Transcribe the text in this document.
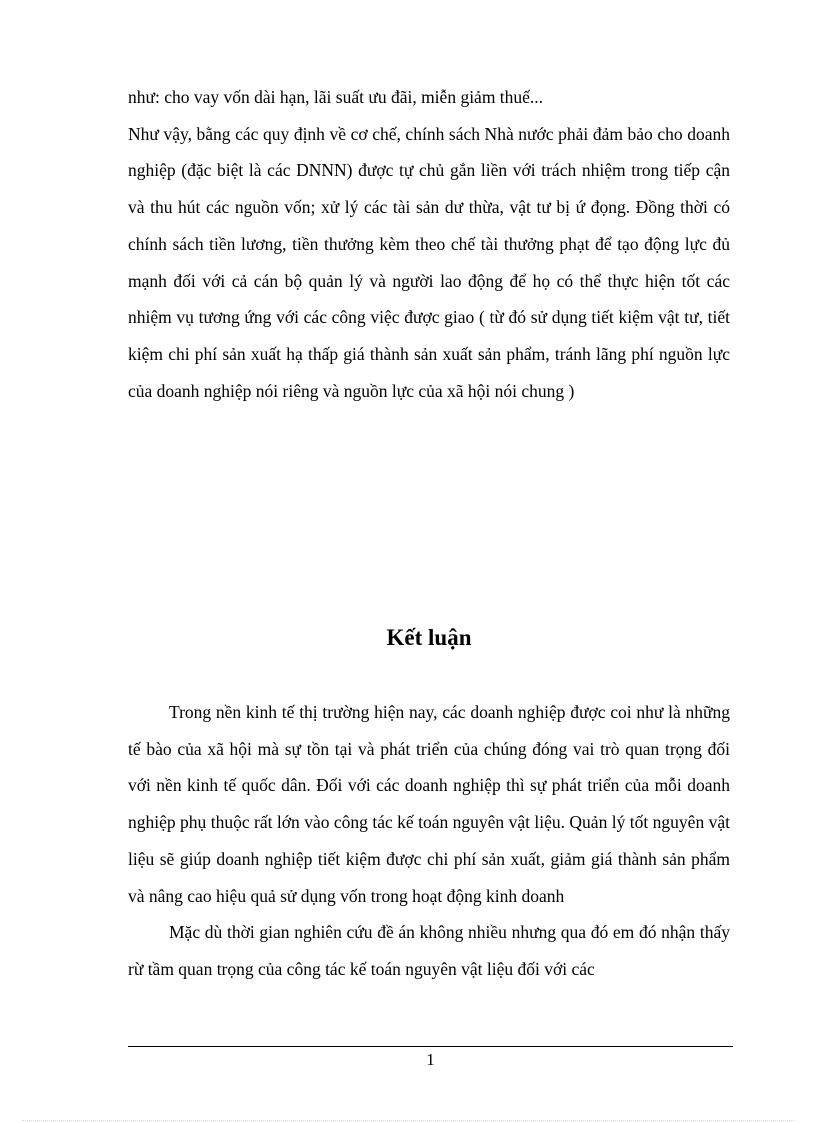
như: cho vay vốn dài hạn, lãi suất ưu đãi, miễn giảm thuế...
Như vậy, bằng các quy định về cơ chế, chính sách Nhà nước phải đảm bảo cho doanh nghiệp (đặc biệt là các DNNN) được tự chủ gắn liền với trách nhiệm trong tiếp cận và thu hút các nguồn vốn; xử lý các tài sản dư thừa, vật tư bị ứ đọng. Đồng thời có chính sách tiền lương, tiền thưởng kèm theo chế tài thưởng phạt để tạo động lực đủ mạnh đối với cả cán bộ quản lý và người lao động để họ có thể thực hiện tốt các nhiệm vụ tương ứng với các công việc được giao ( từ đó sử dụng tiết kiệm vật tư, tiết kiệm chi phí sản xuất hạ thấp giá thành sản xuất sản phẩm, tránh lãng phí nguồn lực của doanh nghiệp nói riêng và nguồn lực của xã hội nói chung )
Kết luận

Trong nền kinh tế thị trường hiện nay, các doanh nghiệp được coi như là những tế bào của xã hội mà sự tồn tại và phát triển của chúng đóng vai trò quan trọng đối với nền kinh tế quốc dân. Đối với các doanh nghiệp thì sự phát triển của mỗi doanh nghiệp phụ thuộc rất lớn vào công tác kế toán nguyên vật liệu. Quản lý tốt nguyên vật liệu sẽ giúp doanh nghiệp tiết kiệm được chi phí sản xuất, giảm giá thành sản phẩm và nâng cao hiệu quả sử dụng vốn trong hoạt động kinh doanh

Mặc dù thời gian nghiên cứu đề án không nhiều nhưng qua đó em đó nhận thấy rừ tầm quan trọng của công tác kế toán nguyên vật liệu đối với các

1
